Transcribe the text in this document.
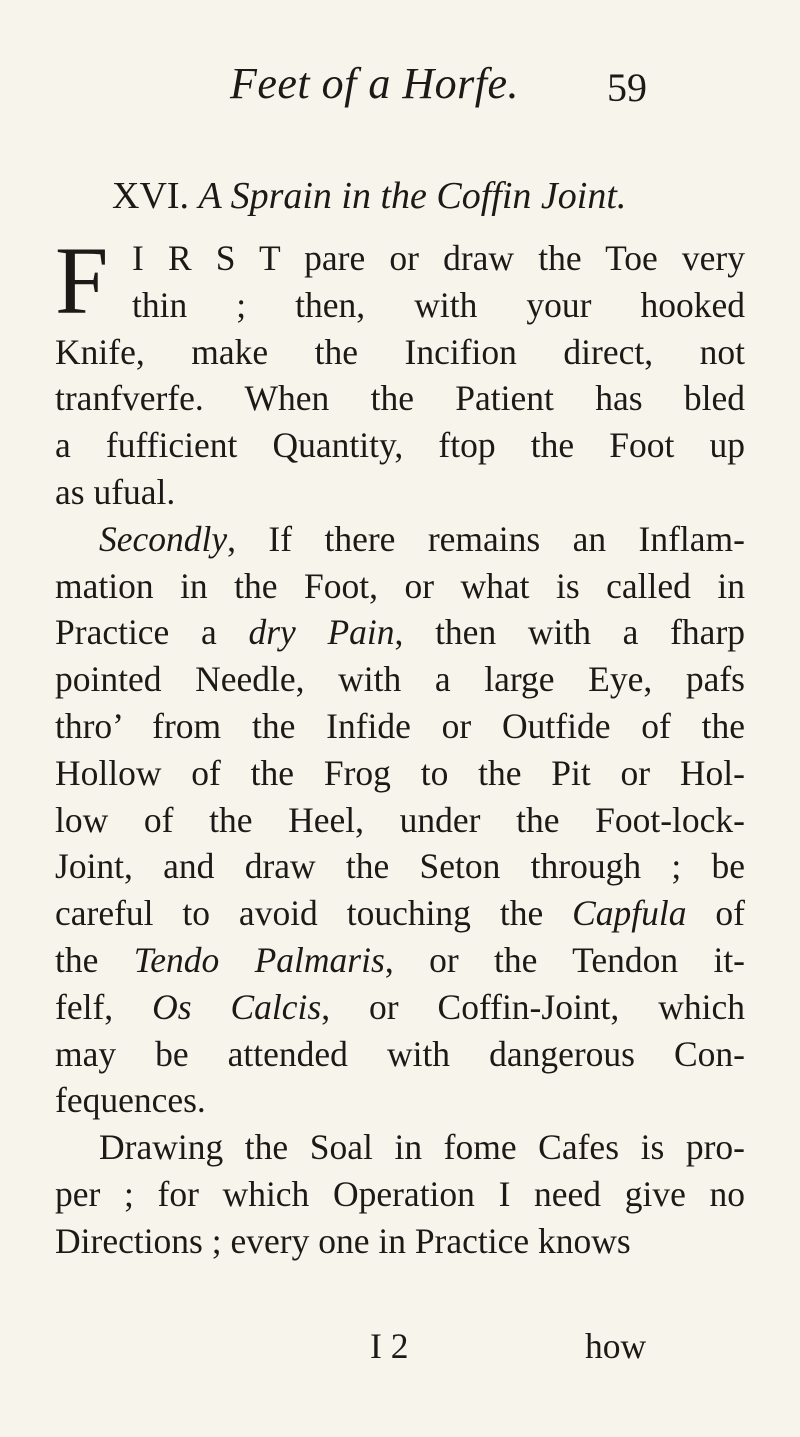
Feet of a Horfe. 59
XVI. A Sprain in the Coffin Joint.
F I R S T pare or draw the Toe very
thin ; then, with your hooked
Knife, make the Incifion direct, not
tranfverfe. When the Patient has bled
a fufficient Quantity, ftop the Foot up
as ufual.
Secondly, If there remains an Inflam-
mation in the Foot, or what is called in
Practice a dry Pain, then with a fharp
pointed Needle, with a large Eye, pafs
thro’ from the Infide or Outfide of the
Hollow of the Frog to the Pit or Hol-
low of the Heel, under the Foot-lock-
Joint, and draw the Seton through ; be
careful to avoid touching the Capfula of
the Tendo Palmaris, or the Tendon it-
felf, Os Calcis, or Coffin-Joint, which
may be attended with dangerous Con-
fequences.
Drawing the Soal in fome Cafes is pro-
per ; for which Operation I need give no
Directions ; every one in Practice knows
I 2	how
